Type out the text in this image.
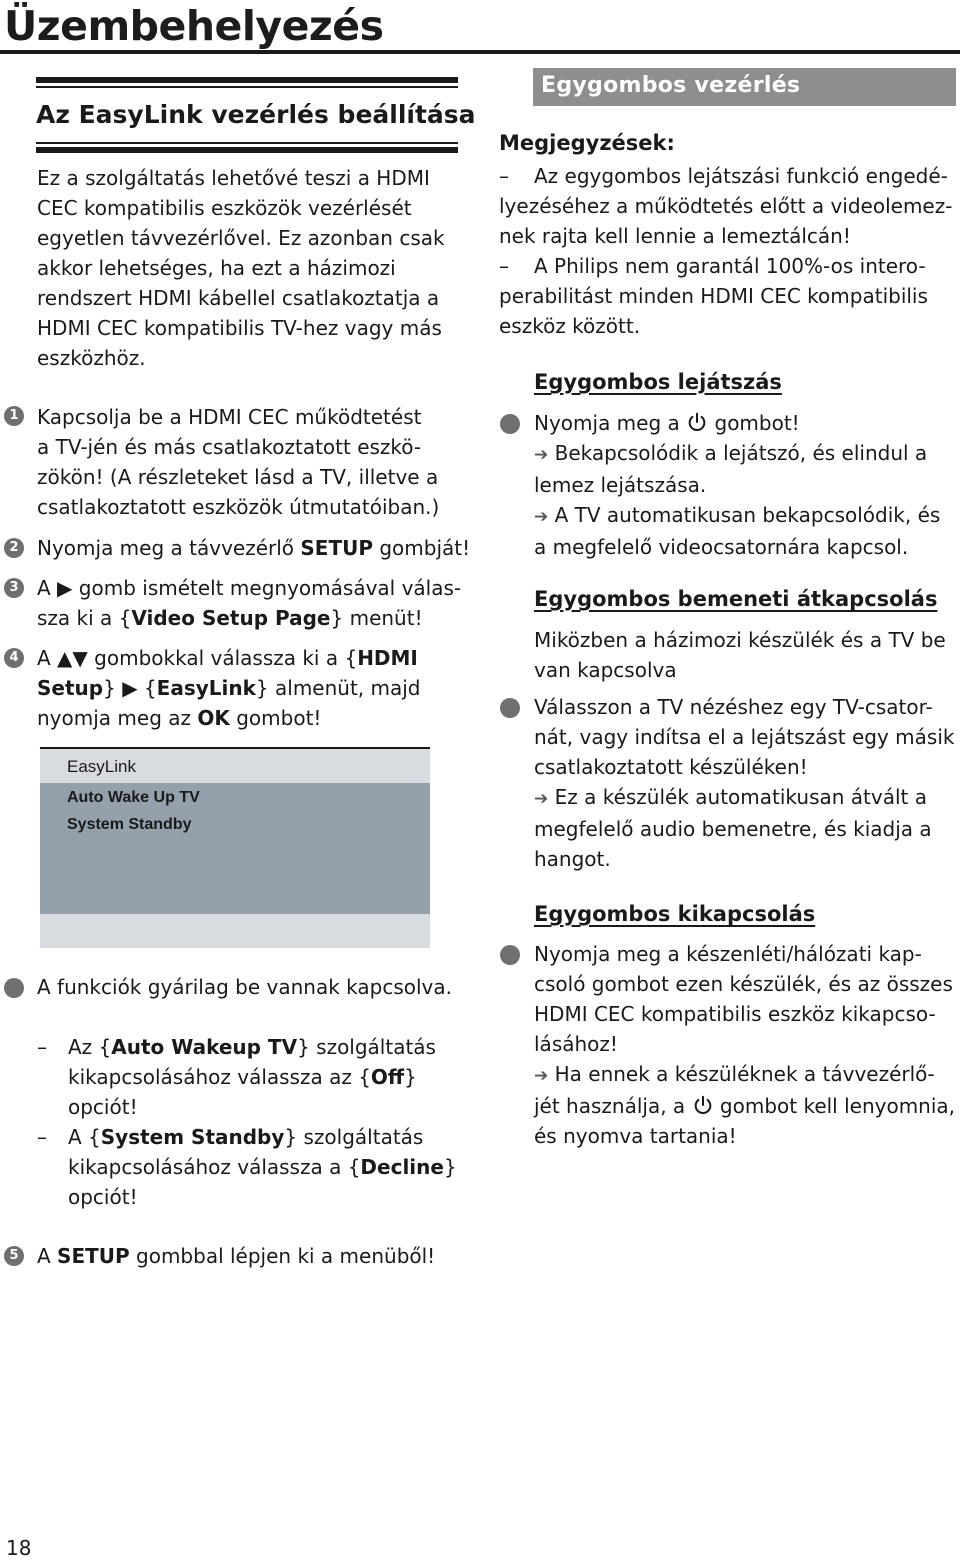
Üzembehelyezés
Az EasyLink vezérlés beállítása
Ez a szolgáltatás lehetővé teszi a HDMI
CEC kompatibilis eszközök vezérlését
egyetlen távvezérlővel. Ez azonban csak
akkor lehetséges, ha ezt a házimozi
rendszert HDMI kábellel csatlakoztatja a
HDMI CEC kompatibilis TV-hez vagy más
eszközhöz.
1 Kapcsolja be a HDMI CEC működtetést
a TV-jén és más csatlakoztatott eszkö-
zökön! (A részleteket lásd a TV, illetve a
csatlakoztatott eszközök útmutatóiban.)
2 Nyomja meg a távvezérlő SETUP gombját!
3 A ▶ gomb ismételt megnyomásával válas-
sza ki a {Video Setup Page} menüt!
4 A ▲▼ gombokkal válassza ki a {HDMI
Setup} ▶ {EasyLink} almenüt, majd
nyomja meg az OK gombot!
EasyLink
Auto Wake Up TV
System Standby
A funkciók gyárilag be vannak kapcsolva.
– Az {Auto Wakeup TV} szolgáltatás
kikapcsolásához válassza az {Off}
opciót!
– A {System Standby} szolgáltatás
kikapcsolásához válassza a {Decline}
opciót!
5 A SETUP gombbal lépjen ki a menüből!
Egygombos vezérlés
Megjegyzések:
–	Az egygombos lejátszási funkció engedé-
lyezéséhez a működtetés előtt a videolemez-
nek rajta kell lennie a lemeztálcán!
–	A Philips nem garantál 100%-os intero-
perabilitást minden HDMI CEC kompatibilis
eszköz között.
Egygombos lejátszás
Nyomja meg a  gombot!
➔ Bekapcsolódik a lejátszó, és elindul a
lemez lejátszása.
➔ A TV automatikusan bekapcsolódik, és
a megfelelő videocsatornára kapcsol.
Egygombos bemeneti átkapcsolás
Miközben a házimozi készülék és a TV be
van kapcsolva
Válasszon a TV nézéshez egy TV-csator-
nát, vagy indítsa el a lejátszást egy másik
csatlakoztatott készüléken!
➔ Ez a készülék automatikusan átvált a
megfelelő audio bemenetre, és kiadja a
hangot.
Egygombos kikapcsolás
Nyomja meg a készenléti/hálózati kap-
csoló gombot ezen készülék, és az összes
HDMI CEC kompatibilis eszköz kikapcso-
lásához!
➔ Ha ennek a készüléknek a távvezérlő-
jét használja, a  gombot kell lenyomnia,
és nyomva tartania!
18
